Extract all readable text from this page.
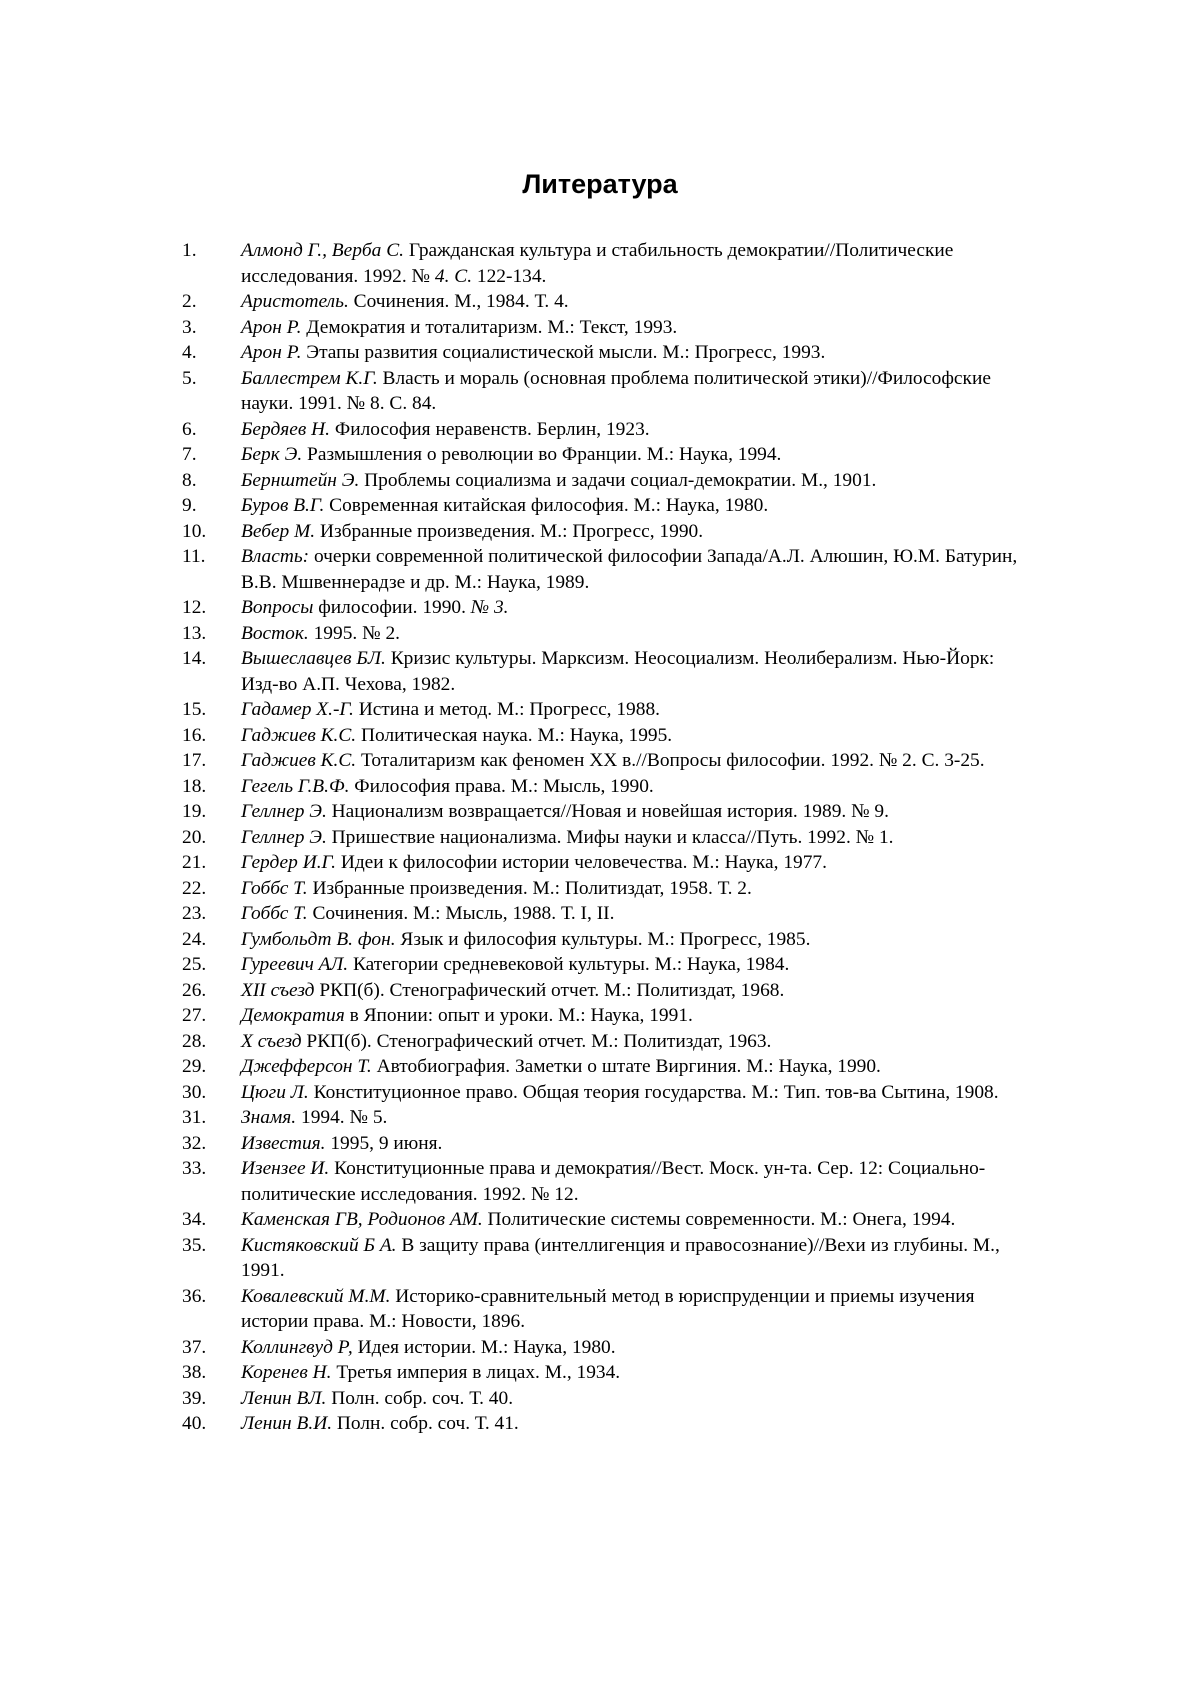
Литература
1. Алмонд Г., Верба С. Гражданская культура и стабильность демократии//Политические исследования. 1992. № 4. С. 122-134.
2. Аристотель. Сочинения. М., 1984. Т. 4.
3. Арон Р. Демократия и тоталитаризм. М.: Текст, 1993.
4. Арон Р. Этапы развития социалистической мысли. М.: Прогресс, 1993.
5. Баллестрем К.Г. Власть и мораль (основная проблема политической этики)//Философские науки. 1991. № 8. С. 84.
6. Бердяев Н. Философия неравенств. Берлин, 1923.
7. Берк Э. Размышления о революции во Франции. М.: Наука, 1994.
8. Бернштейн Э. Проблемы социализма и задачи социал-демократии. М., 1901.
9. Буров В.Г. Современная китайская философия. М.: Наука, 1980.
10. Вебер М. Избранные произведения. М.: Прогресс, 1990.
11. Власть: очерки современной политической философии Запада/А.Л. Алюшин, Ю.М. Батурин, В.В. Мшвеннерадзе и др. М.: Наука, 1989.
12. Вопросы философии. 1990. № 3.
13. Восток. 1995. № 2.
14. Вышеславцев БЛ. Кризис культуры. Марксизм. Неосоциализм. Неолиберализм. Нью-Йорк: Изд-во А.П. Чехова, 1982.
15. Гадамер Х.-Г. Истина и метод. М.: Прогресс, 1988.
16. Гаджиев К.С. Политическая наука. М.: Наука, 1995.
17. Гаджиев К.С. Тоталитаризм как феномен XX в.//Вопросы философии. 1992. № 2. С. 3-25.
18. Гегель Г.В.Ф. Философия права. М.: Мысль, 1990.
19. Геллнер Э. Национализм возвращается//Новая и новейшая история. 1989. № 9.
20. Геллнер Э. Пришествие национализма. Мифы науки и класса//Путь. 1992. № 1.
21. Гердер И.Г. Идеи к философии истории человечества. М.: Наука, 1977.
22. Гоббс Т. Избранные произведения. М.: Политиздат, 1958. Т. 2.
23. Гоббс Т. Сочинения. М.: Мысль, 1988. Т. I, II.
24. Гумбольдт В. фон. Язык и философия культуры. М.: Прогресс, 1985.
25. Гуреевич АЛ. Категории средневековой культуры. М.: Наука, 1984.
26. XII съезд РКП(б). Стенографический отчет. М.: Политиздат, 1968.
27. Демократия в Японии: опыт и уроки. М.: Наука, 1991.
28. X съезд РКП(б). Стенографический отчет. М.: Политиздат, 1963.
29. Джефферсон Т. Автобиография. Заметки о штате Виргиния. М.: Наука, 1990.
30. Цюги Л. Конституционное право. Общая теория государства. М.: Тип. тов-ва Сытина, 1908.
31. Знамя. 1994. № 5.
32. Известия. 1995, 9 июня.
33. Изензее И. Конституционные права и демократия//Вест. Моск. ун-та. Сер. 12: Социально-политические исследования. 1992. № 12.
34. Каменская ГВ, Родионов АМ. Политические системы современности. М.: Онега, 1994.
35. Кистяковский Б А. В защиту права (интеллигенция и правосознание)//Вехи из глубины. М., 1991.
36. Ковалевский М.М. Историко-сравнительный метод в юриспруденции и приемы изучения истории права. М.: Новости, 1896.
37. Коллингвуд Р, Идея истории. М.: Наука, 1980.
38. Коренев Н. Третья империя в лицах. М., 1934.
39. Ленин ВЛ. Полн. собр. соч. Т. 40.
40. Ленин В.И. Полн. собр. соч. Т. 41.
